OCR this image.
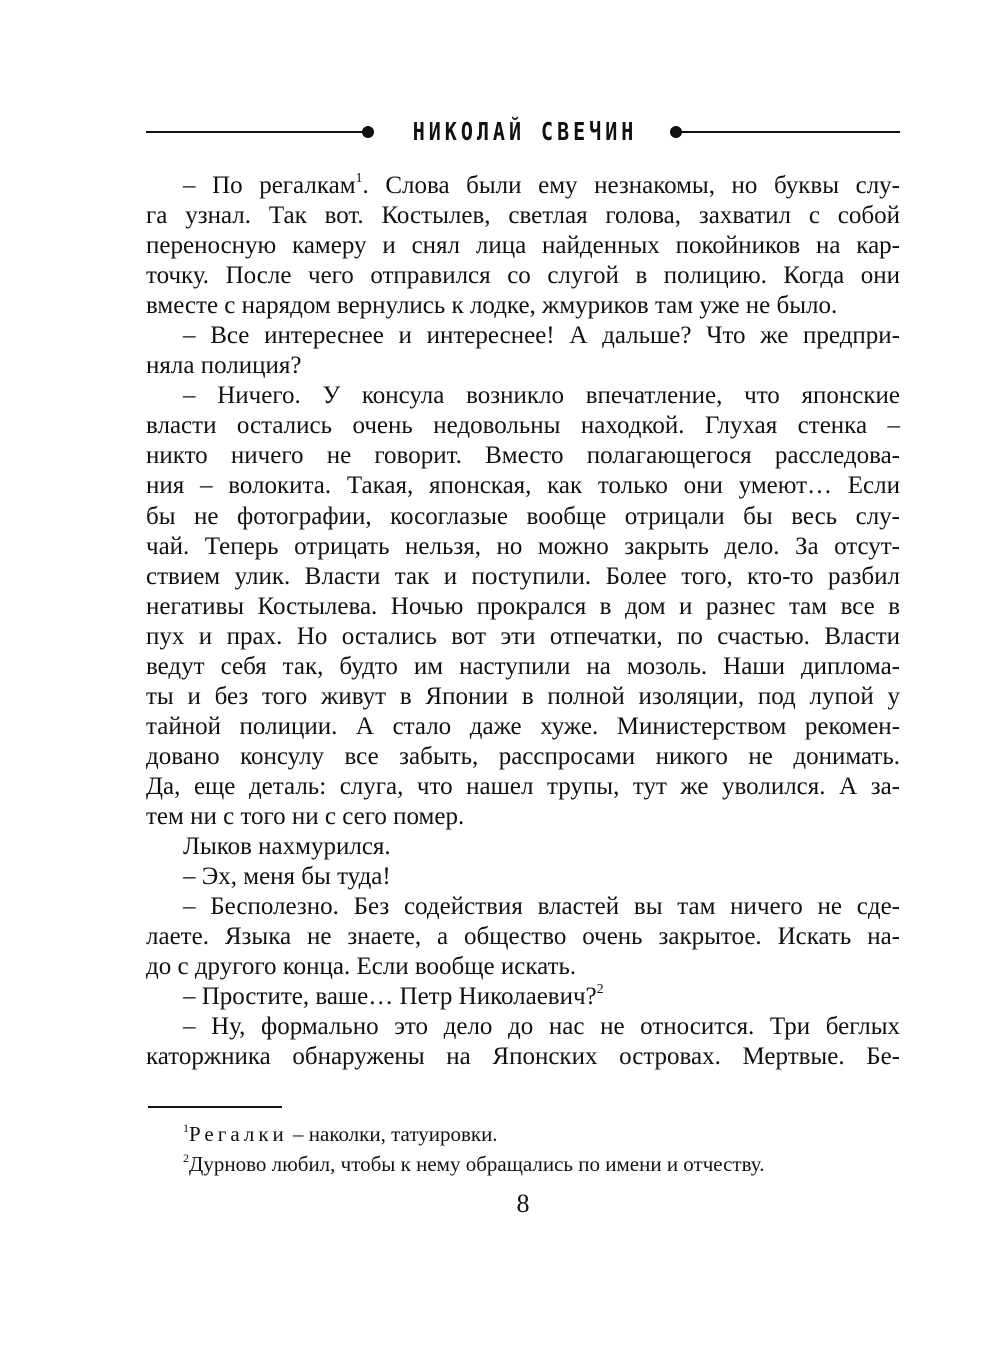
НИКОЛАЙ СВЕЧИН
– По регалкам$^1$. Слова были ему незнакомы, но буквы слу-
га узнал. Так вот. Костылев, светлая голова, захватил с собой
переносную камеру и снял лица найденных покойников на кар-
точку. После чего отправился со слугой в полицию. Когда они
вместе с нарядом вернулись к лодке, жмуриков там уже не было.
– Все интереснее и интереснее! А дальше? Что же предпри-
няла полиция?
– Ничего. У консула возникло впечатление, что японские
власти остались очень недовольны находкой. Глухая стенка –
никто ничего не говорит. Вместо полагающегося расследова-
ния – волокита. Такая, японская, как только они умеют… Если
бы не фотографии, косоглазые вообще отрицали бы весь слу-
чай. Теперь отрицать нельзя, но можно закрыть дело. За отсут-
ствием улик. Власти так и поступили. Более того, кто-то разбил
негативы Костылева. Ночью прокрался в дом и разнес там все в
пух и прах. Но остались вот эти отпечатки, по счастью. Власти
ведут себя так, будто им наступили на мозоль. Наши диплома-
ты и без того живут в Японии в полной изоляции, под лупой у
тайной полиции. А стало даже хуже. Министерством рекомен-
довано консулу все забыть, расспросами никого не донимать.
Да, еще деталь: слуга, что нашел трупы, тут же уволился. А за-
тем ни с того ни с сего помер.
Лыков нахмурился.
– Эх, меня бы туда!
– Бесполезно. Без содействия властей вы там ничего не сде-
лаете. Языка не знаете, а общество очень закрытое. Искать на-
до с другого конца. Если вообще искать.
– Простите, ваше… Петр Николаевич?$^2$
– Ну, формально это дело до нас не относится. Три беглых
каторжника обнаружены на Японских островах. Мертвые. Бе-
$^1$Регалки – наколки, татуировки.
$^2$Дурново любил, чтобы к нему обращались по имени и отчеству.
8
